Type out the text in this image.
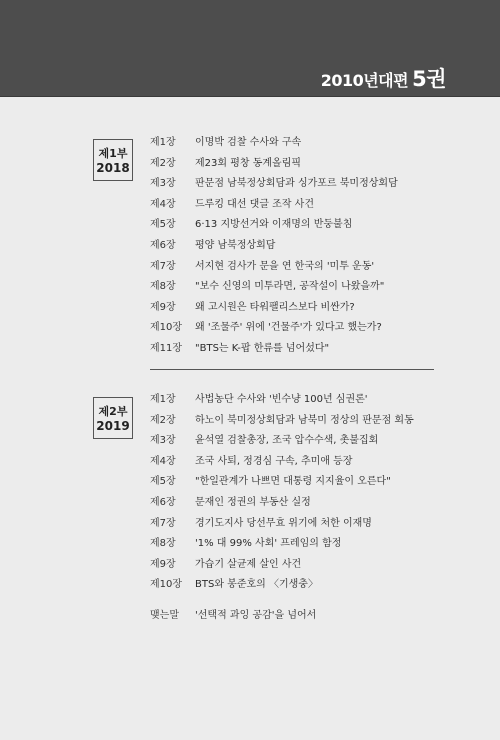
2010년대편 5권
제1부
2018
제1장 이명박 검찰 수사와 구속
제2장 제23회 평창 동계올림픽
제3장 판문점 남북정상회담과 싱가포르 북미정상회담
제4장 드루킹 대선 댓글 조작 사건
제5장 6·13 지방선거와 이재명의 반둥불침
제6장 평양 남북정상회담
제7장 서지현 검사가 문을 연 한국의 '미투 운동'
제8장 "보수 신영의 미투라면, 공작설이 나왔을까"
제9장 왜 고시원은 타워팰리스보다 비싼가?
제10장 왜 '조물주' 위에 '건물주'가 있다고 했는가?
제11장 "BTS는 K-팝 한류를 넘어섰다"
제2부
2019
제1장 사법농단 수사와 '빈수냥 100년 심권론'
제2장 하노이 북미정상회담과 남북미 정상의 판문점 회동
제3장 윤석열 검찰총장, 조국 압수수색, 촛불집회
제4장 조국 사퇴, 정경심 구속, 추미애 등장
제5장 "한일관계가 나쁘면 대통령 지지율이 오른다"
제6장 문재인 정권의 부동산 실정
제7장 경기도지사 당선무효 위기에 처한 이재명
제8장 '1% 대 99% 사회' 프레임의 함정
제9장 가습기 살균제 살인 사건
제10장 BTS와 봉준호의 〈기생충〉
맺는말 '선택적 과잉 공감'을 넘어서
